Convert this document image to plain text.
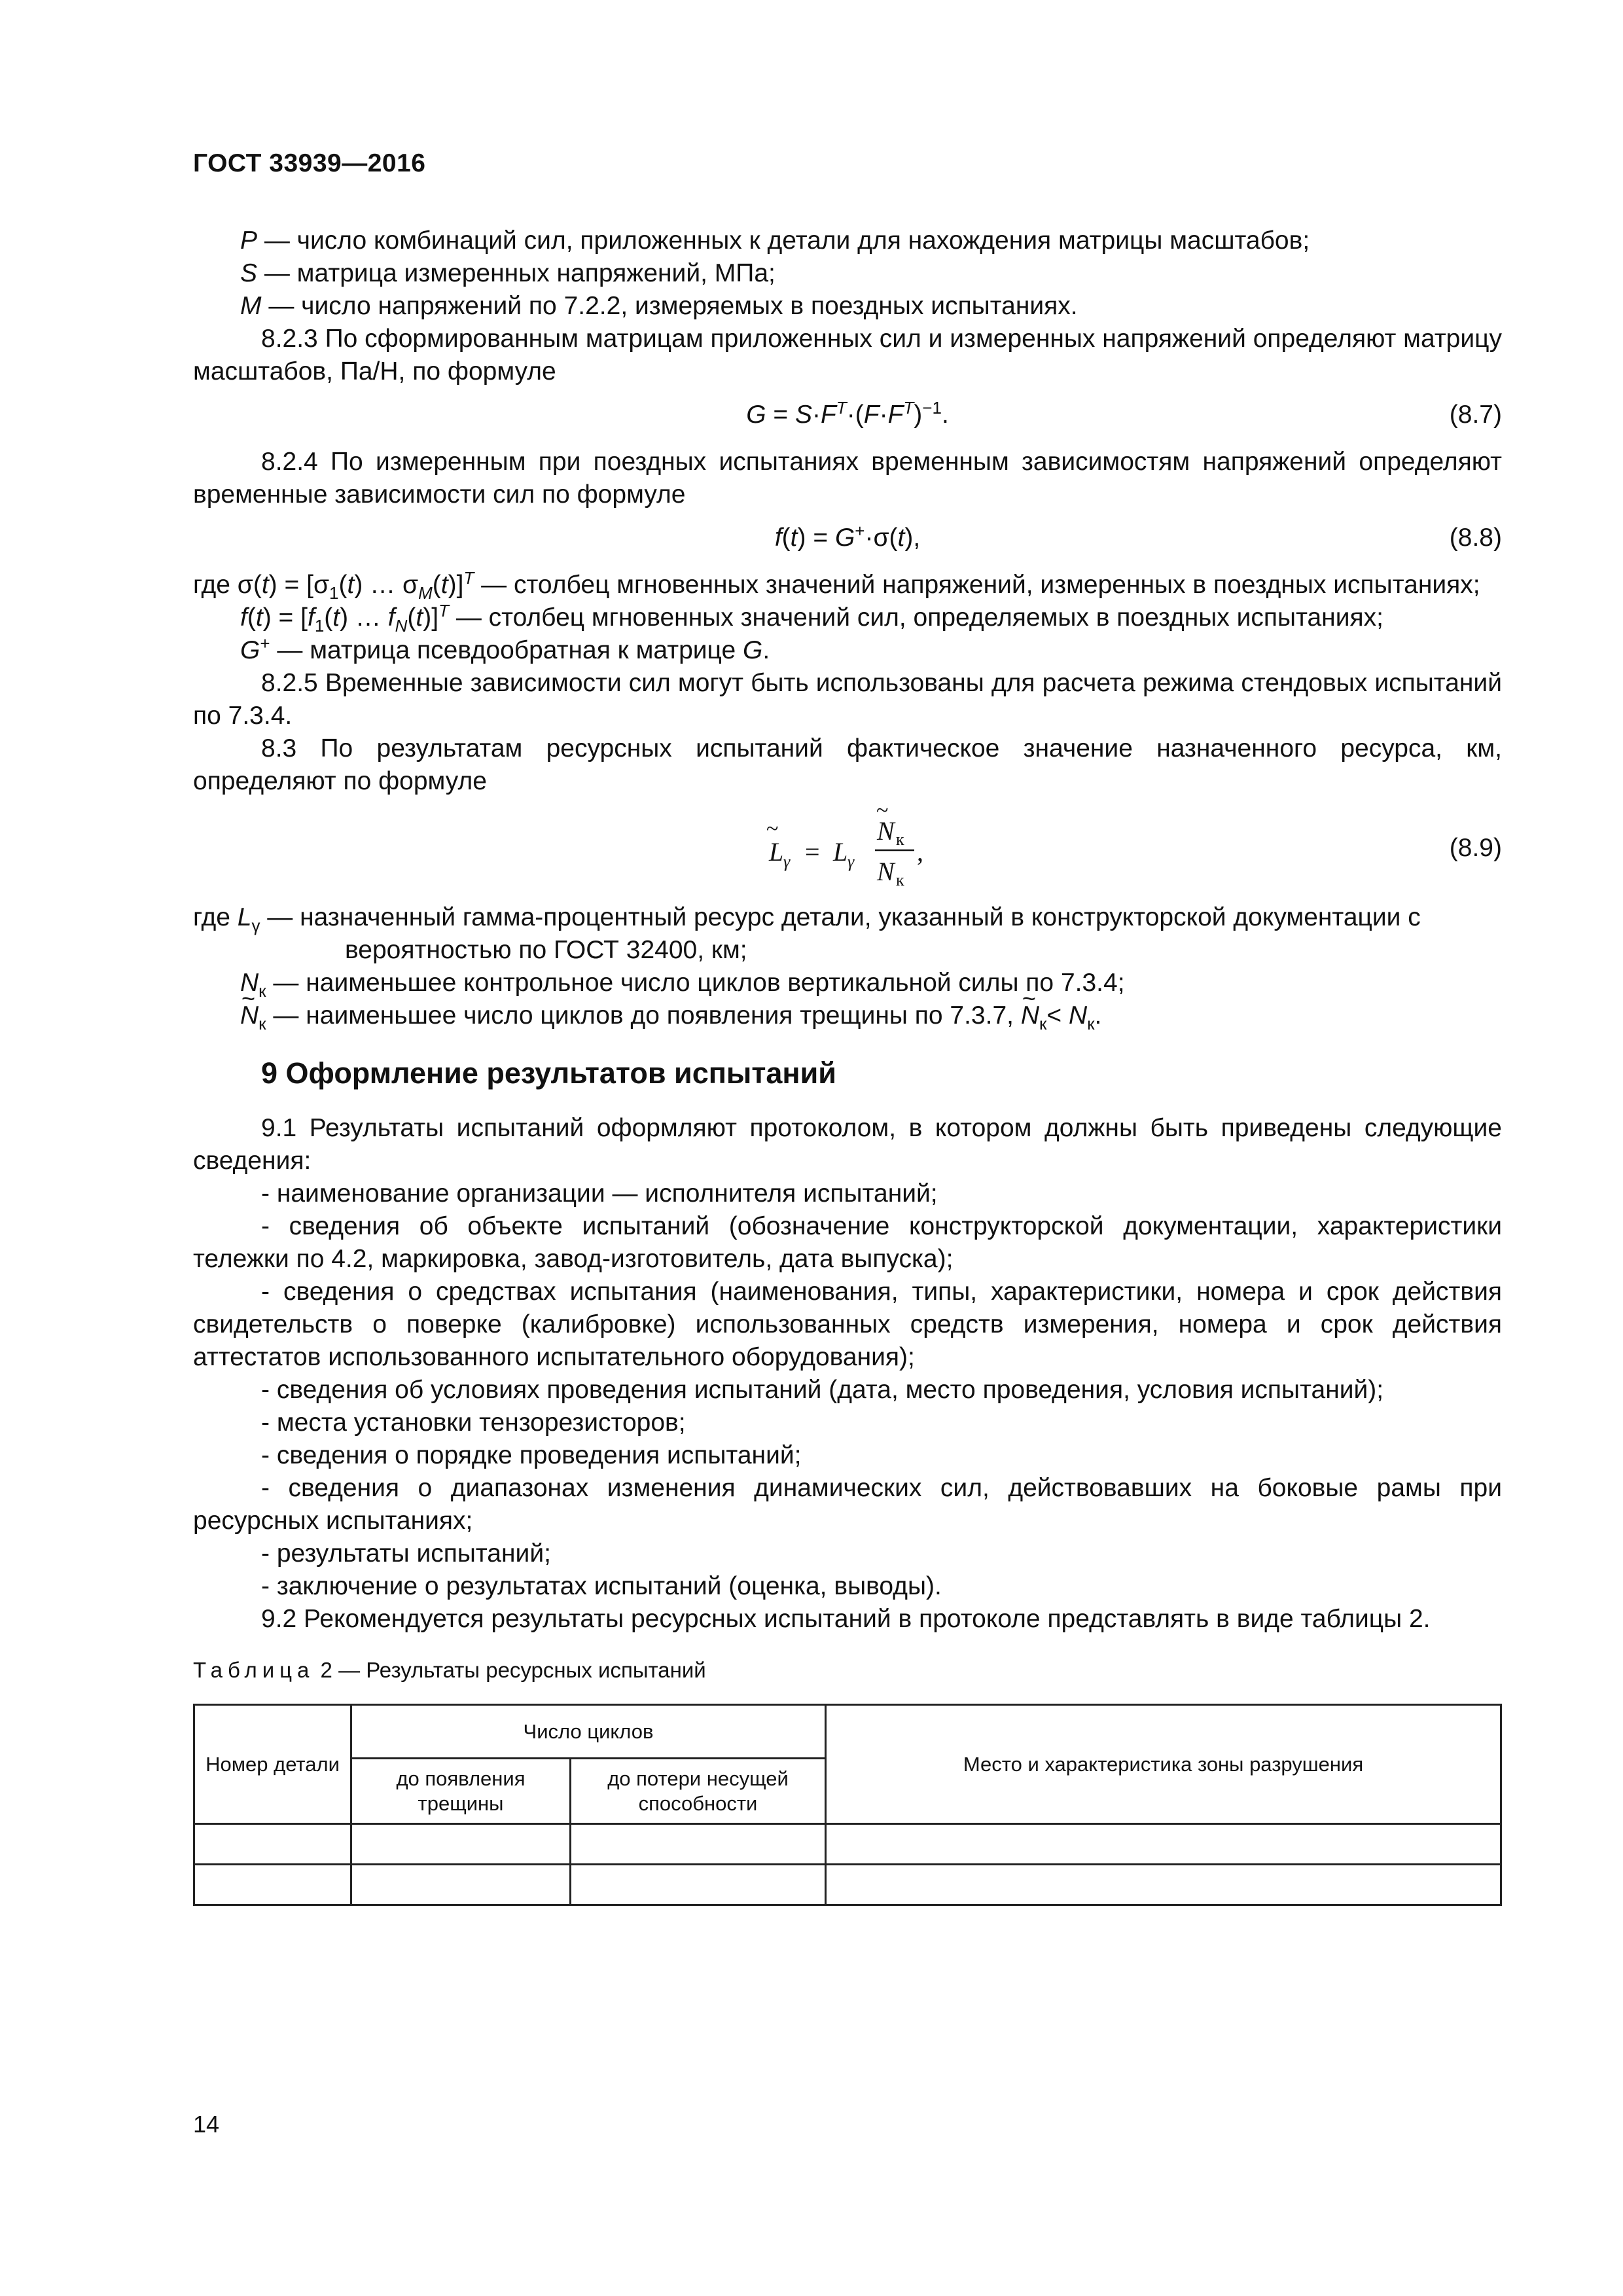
ГОСТ 33939—2016

P — число комбинаций сил, приложенных к детали для нахождения матрицы масштабов;

S — матрица измеренных напряжений, МПа;

M — число напряжений по 7.2.2, измеряемых в поездных испытаниях.

8.2.3 По сформированным матрицам приложенных сил и измеренных напряжений определяют матрицу масштабов, Па/Н, по формуле

$G = S\cdot F^T\cdot(F\cdot F^T)^{-1}$.	(8.7)

8.2.4 По измеренным при поездных испытаниях временным зависимостям напряжений определяют временные зависимости сил по формуле

f(t) = G+·σ(t),	(8.8)

где $\sigma(t) = [\sigma_1(t)$ … $\sigma_M(t)]^T$ — столбец мгновенных значений напряжений, измеренных в поездных испытаниях;

$f(t) = [f_1(t)$ … $f_N(t)]^T$ — столбец мгновенных значений сил, определяемых в поездных испытаниях;

G+ — матрица псевдообратная к матрице G.

8.2.5 Временные зависимости сил могут быть использованы для расчета режима стендовых испытаний по 7.3.4.

8.3 По результатам ресурсных испытаний фактическое значение назначенного ресурса, км, определяют по формуле

L
~
γ = L γ
N
~
к
N к
,	(8.9)

где $L_\gamma$ — назначенный гамма-процентный ресурс детали, указанный в конструкторской документации с вероятностью по ГОСТ 32400, км;

$N_к$ — наименьшее контрольное число циклов вертикальной силы по 7.3.4;

~ $N_к$ — наименьшее число циклов до появления трещины по 7.3.7, ~ $N_к< N_к$.

9 Оформление результатов испытаний

9.1 Результаты испытаний оформляют протоколом, в котором должны быть приведены следующие сведения:

- наименование организации — исполнителя испытаний;

- сведения об объекте испытаний (обозначение конструкторской документации, характеристики тележки по 4.2, маркировка, завод-изготовитель, дата выпуска);

- сведения о средствах испытания (наименования, типы, характеристики, номера и срок действия свидетельств о поверке (калибровке) использованных средств измерения, номера и срок действия аттестатов использованного испытательного оборудования);

- сведения об условиях проведения испытаний (дата, место проведения, условия испытаний);

- места установки тензорезисторов;

- сведения о порядке проведения испытаний;

- сведения о диапазонах изменения динамических сил, действовавших на боковые рамы при ресурсных испытаниях;

- результаты испытаний;

- заключение о результатах испытаний (оценка, выводы).

9.2 Рекомендуется результаты ресурсных испытаний в протоколе представлять в виде таблицы 2.

Таблица 2 — Результаты ресурсных испытаний
Номер детали	Число циклов		Место и характеристика зоны разрушения
	до появления трещины	до потери несущей способности	

14
